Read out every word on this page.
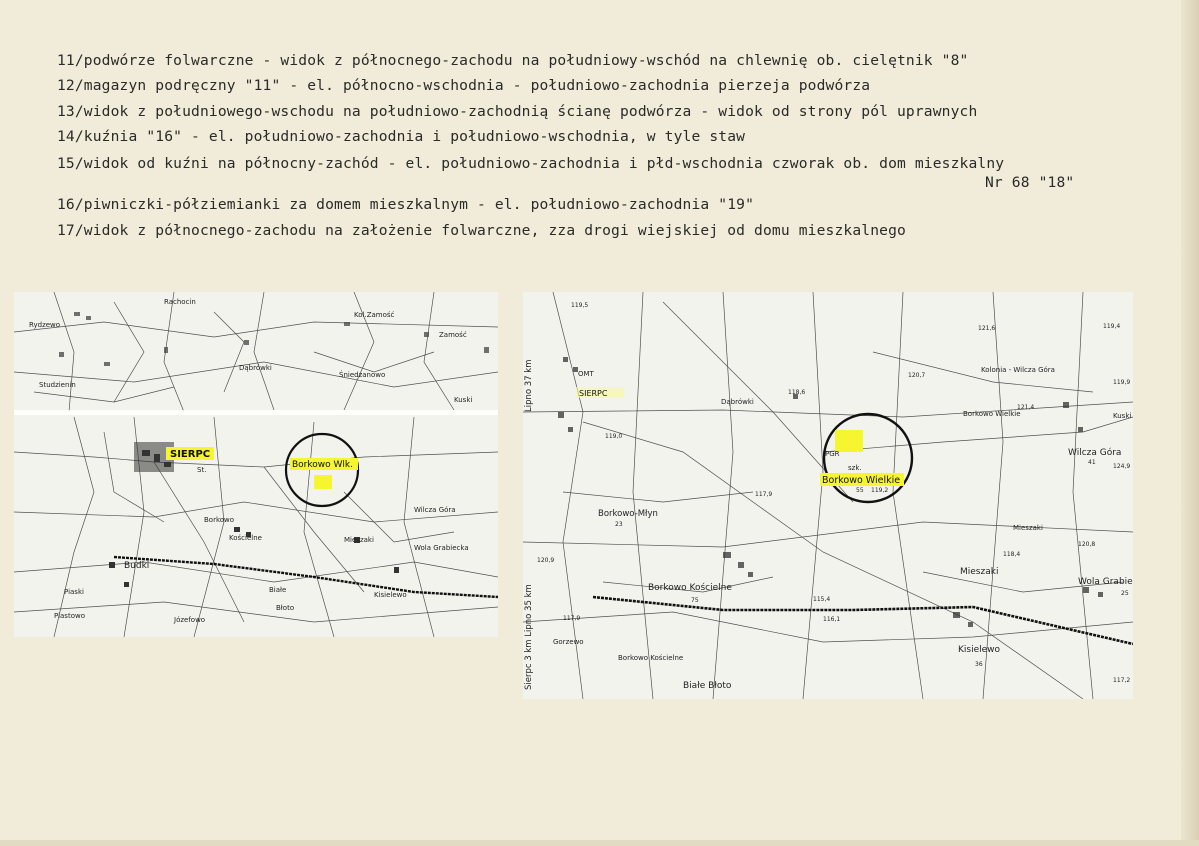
11/podwórze folwarczne - widok z północnego-zachodu na południowy-wschód na chlewnię ob. cielętnik "8"
12/magazyn podręczny "11" - el. północno-wschodnia - południowo-zachodnia pierzeja podwórza
13/widok z południowego-wschodu na południowo-zachodnią ścianę podwórza - widok od strony pól uprawnych
14/kuźnia "16" - el. południowo-zachodnia i południowo-wschodnia, w tyle staw
15/widok od kuźni na północny-zachód - el. południowo-zachodnia i płd-wschodnia czworak ob. dom mieszkalny
Nr 68 "18"
16/piwniczki-półziemianki za domem mieszkalnym - el. południowo-zachodnia "19"
17/widok z północnego-zachodu na założenie folwarczne, zza drogi wiejskiej od domu mieszkalnego
SIERPC
Borkowo Wlk.
Rachocin
Rydzewo
Kol.Zamość
Zamość
Dąbrówki
Studzienin
Śniedzanowo
Kuski
Wilcza Góra
Borkowo
Mieszaki
Wola Grabiecka
Budki
Piaski
Piastowo
Kisielewo
Białe
Błoto
Kościelne
Józefowo
St.
Borkowo Wielkie
SIERPC
Lipno 37 km
Sierpc 3 km Lipno 35 km
Kolonia - Wilcza Góra
Borkowo Wielkie	Kuski
Wilcza Góra
Borkowo-Młyn
Mieszaki
Mieszaki
Wola Grabie
Borkowo Kościelne
Borkowo Kościelne
Gorzewo
Kisielewo
Białe Błoto
Dąbrówki
OMT
PGR
szk.
121,6	119,4
120,7
119,9
121,4
124,9
119,5
119,0
118,6
117,9
55 119,2
118,4
120,8
117,2
120,9
115,4
116,1
117,9
36
75
23
25
41
